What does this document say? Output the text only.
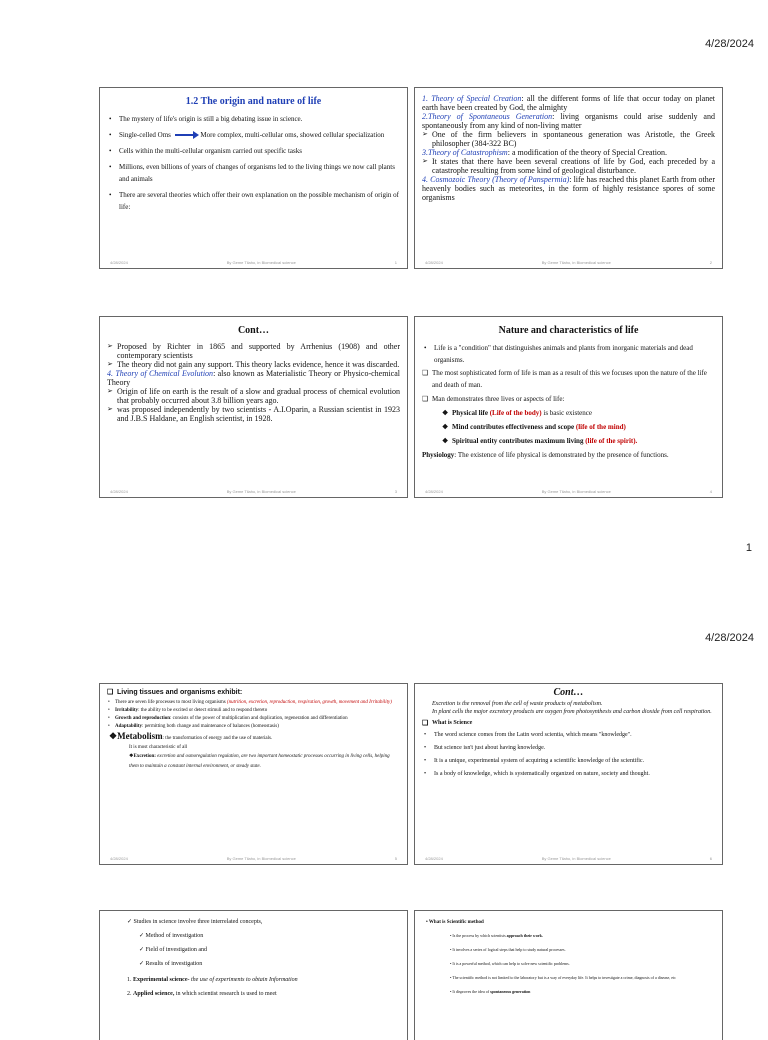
4/28/2024
1.2 The origin and nature of life
• The mystery of life's origin is still a big debating issue in science.
• Single-celled Oms	More complex, multi-cellular oms, showed cellular specialization
• Cells within the multi-cellular organism carried out specific tasks
• Millions, even billions of years of changes of organisms led to the living things we now call plants and animals
• There are several theories which offer their own explanation on the possible mechanism of origin of life:
4/28/2024	By Geme Tilaho, in Biomedical science	1

1. Theory of Special Creation: all the different forms of life that occur today on planet earth have been created by God, the almighty

2.Theory of Spontaneous Generation: living organisms could arise suddenly and spontaneously from any kind of non-living matter

➢ One of the firm believers in spontaneous generation was Aristotle, the Greek philosopher (384-322 BC)

3.Theory of Catastrophism: a modification of the theory of Special Creation.

➢ It states that there have been several creations of life by God, each preceded by a catastrophe resulting from some kind of geological disturbance.

4. Cosmozoic Theory (Theory of Panspermia): life has reached this planet Earth from other heavenly bodies such as meteorites, in the form of highly resistance spores of some organisms

4/28/2024	By Geme Tilaho, in Biomedical science	2
Cont…

➢ Proposed by Richter in 1865 and supported by Arrhenius (1908) and other contemporary scientists

➢ The theory did not gain any support. This theory lacks evidence, hence it was discarded.

4. Theory of Chemical Evolution: also known as Materialistic Theory or Physico-chemical Theory

➢ Origin of life on earth is the result of a slow and gradual process of chemical evolution that probably occurred about 3.8 billion years ago.

➢ was proposed independently by two scientists - A.I.Oparin, a Russian scientist in 1923 and J.B.S Haldane, an English scientist, in 1928.

4/28/2024	By Geme Tilaho, in Biomedical science	3
Nature and characteristics of life
• Life is a "condition" that distinguishes animals and plants from inorganic materials and dead organisms.
❑ The most sophisticated form of life is man as a result of this we focuses upon the nature of the life and death of man.
❑ Man demonstrates three lives or aspects of life:
❖ Physical life (Life of the body) is basic existence
❖ Mind contributes effectiveness and scope (life of the mind)
❖ Spiritual entity contributes maximum living (life of the spirit).
Physiology: The existence of life physical is demonstrated by the presence of functions.
4/28/2024	By Geme Tilaho, in Biomedical science	4
1
4/28/2024
❑ Living tissues and organisms exhibit:
• There are seven life processes to most living organisms (nutrition, excretion, reproduction, respiration, growth, movement and Irritability)
• Irritability: the ability to be excited or detect stimuli and to respond thereto
• Growth and reproduction: consists of the power of multiplication and duplication, regeneration and differentiation
• Adaptability: permitting both change and maintenance of balances (homeostasis)
❖Metabolism: the transformation of energy and the use of materials.
It is most characteristic of all
❖Excretion: excretion and osmoregulation regulation, are two important homeostatic processes occurring in living cells, helping them to maintain a constant internal environment, or steady state.
4/28/2024	By Geme Tilaho, in Biomedical science	5
Cont…
Excretion is the removal from the cell of waste products of metabolism.
In plant cells the major excretory products are oxygen from photosynthesis and carbon dioxide from cell respiration.
❑ What is Science
• The word science comes from the Latin word scientia, which means "knowledge".
• But science isn't just about having knowledge.
• It is a unique, experimental system of acquiring a scientific knowledge of the scientific.
• Is a body of knowledge, which is systematically organized on nature, society and thought.
4/28/2024	By Geme Tilaho, in Biomedical science	6
✓ Studies in science involve three interrelated concepts,
✓ Method of investigation
✓ Field of investigation and
✓ Results of investigation
1. Experimental science- the use of experiments to obtain Information
2. Applied science, in which scientist research is used to meet
• What is Scientific method
• Is the process by which scientists approach their work.
• It involves a series of logical steps that help to study natural processes.
• It is a powerful method, which can help to solve new scientific problems.
• The scientific method is not limited to the laboratory but is a way of everyday life. It helps to investigate a crime, diagnosis of a disease, etc
• It disproves the idea of spontaneous generation
